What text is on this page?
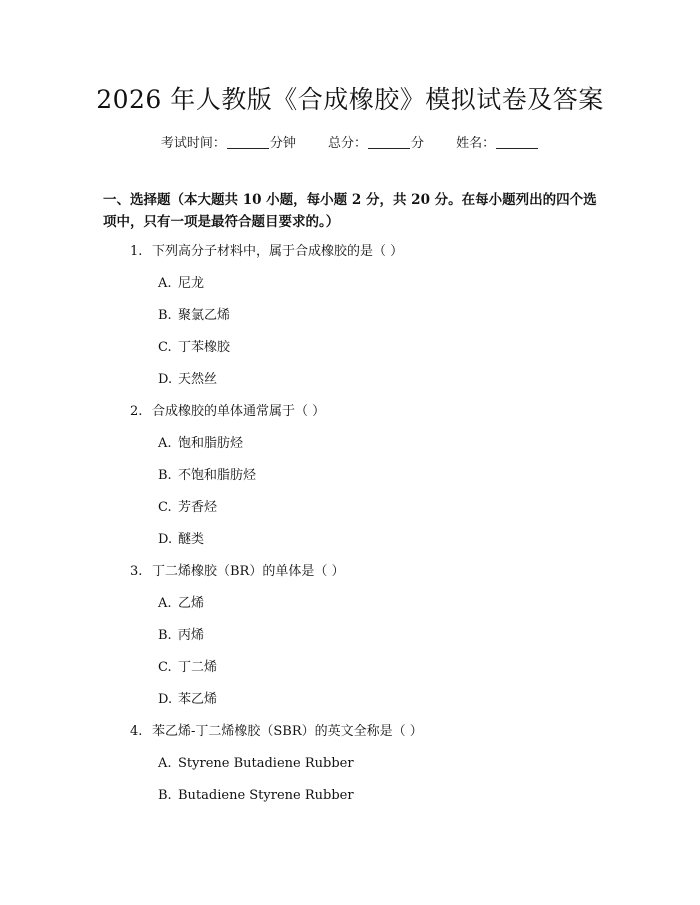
2026 年人教版《合成橡胶》模拟试卷及答案
考试时间：	分钟 总分：	分 姓名：
一、选择题（本大题共 10 小题，每小题 2 分，共 20 分。在每小题列出的四个选项中，只有一项是最符合题目要求的。）
1. 下列高分子材料中，属于合成橡胶的是（ ）
A. 尼龙
B. 聚氯乙烯
C. 丁苯橡胶
D. 天然丝
2. 合成橡胶的单体通常属于（ ）
A. 饱和脂肪烃
B. 不饱和脂肪烃
C. 芳香烃
D. 醚类
3. 丁二烯橡胶（BR）的单体是（ ）
A. 乙烯
B. 丙烯
C. 丁二烯
D. 苯乙烯
4. 苯乙烯-丁二烯橡胶（SBR）的英文全称是（ ）
A. Styrene Butadiene Rubber
B. Butadiene Styrene Rubber
